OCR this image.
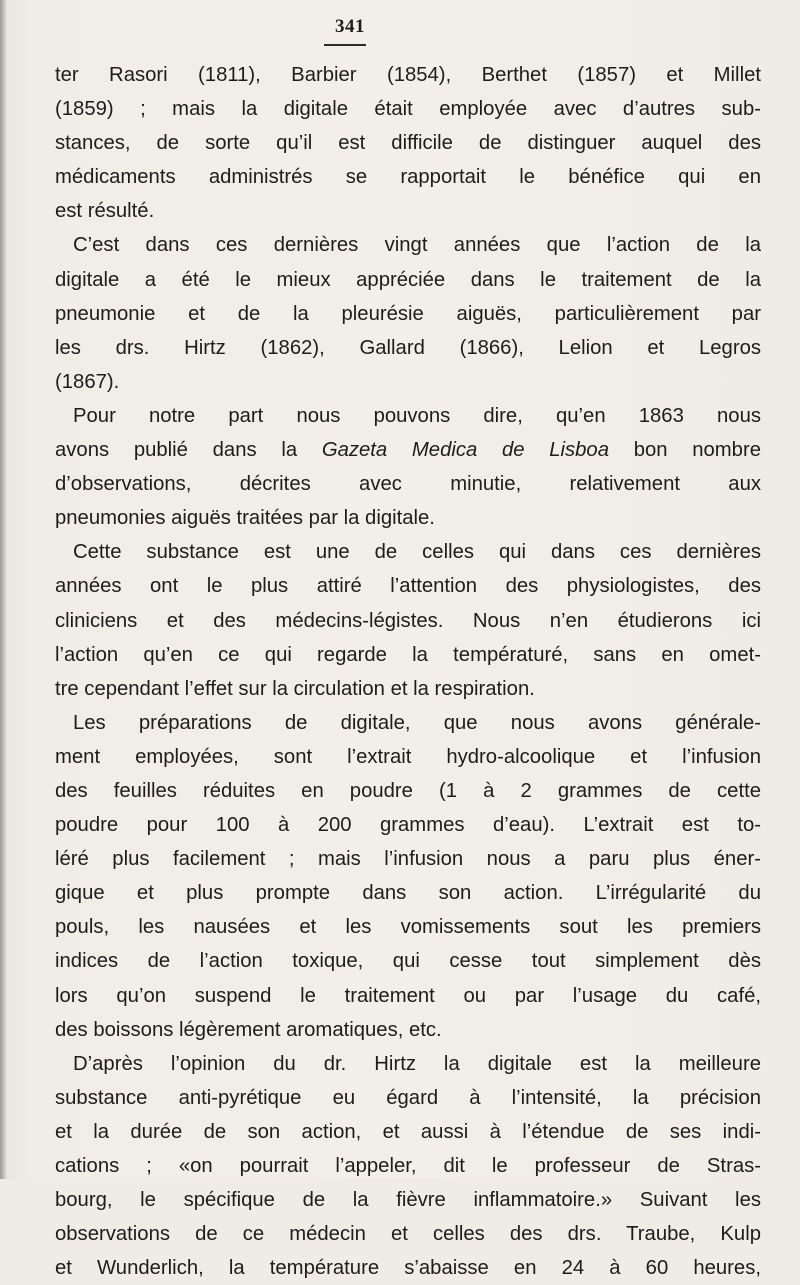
341
ter Rasori (1811), Barbier (1854), Berthet (1857) et Millet
(1859) ; mais la digitale était employée avec d’autres sub-
stances, de sorte qu’il est difficile de distinguer auquel des
médicaments administrés se rapportait le bénéfice qui en
est résulté.
C’est dans ces dernières vingt années que l’action de la
digitale a été le mieux appréciée dans le traitement de la
pneumonie et de la pleurésie aiguës, particulièrement par
les drs. Hirtz (1862), Gallard (1866), Lelion et Legros
(1867).
Pour notre part nous pouvons dire, qu’en 1863 nous
avons publié dans la Gazeta Medica de Lisboa bon nombre
d’observations, décrites avec minutie, relativement aux
pneumonies aiguës traitées par la digitale.
Cette substance est une de celles qui dans ces dernières
années ont le plus attiré l’attention des physiologistes, des
cliniciens et des médecins-légistes. Nous n’en étudierons ici
l’action qu’en ce qui regarde la températuré, sans en omet-
tre cependant l’effet sur la circulation et la respiration.
Les préparations de digitale, que nous avons générale-
ment employées, sont l’extrait hydro-alcoolique et l’infusion
des feuilles réduites en poudre (1 à 2 grammes de cette
poudre pour 100 à 200 grammes d’eau). L’extrait est to-
léré plus facilement ; mais l’infusion nous a paru plus éner-
gique et plus prompte dans son action. L’irrégularité du
pouls, les nausées et les vomissements sout les premiers
indices de l’action toxique, qui cesse tout simplement dès
lors qu’on suspend le traitement ou par l’usage du café,
des boissons légèrement aromatiques, etc.
D’après l’opinion du dr. Hirtz la digitale est la meilleure
substance anti-pyrétique eu égard à l’intensité, la précision
et la durée de son action, et aussi à l’étendue de ses indi-
cations ; «on pourrait l’appeler, dit le professeur de Stras-
bourg, le spécifique de la fièvre inflammatoire.» Suivant les
observations de ce médecin et celles des drs. Traube, Kulp
et Wunderlich, la température s’abaisse en 24 à 60 heures,
